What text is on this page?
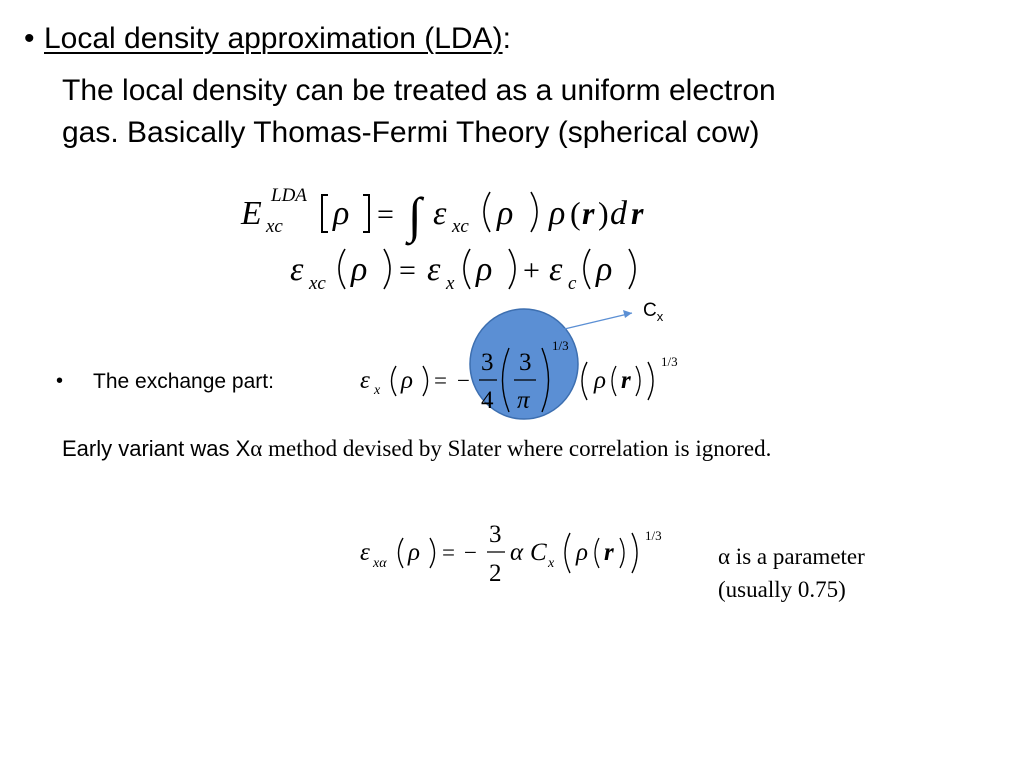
• Local density approximation (LDA):
The local density can be treated as a uniform electron
gas. Basically Thomas-Fermi Theory (spherical cow)
E LDA
xc ρ = ∫ ε xc ρ ρ ( r ) d r
ε xc ρ = ε x ρ + ε c ρ
ε x ρ = −
3
4
3
π
1/3
ρ r
1/3
ε xα ρ = −
3
2
α C x ρ r
1/3
$C_x$
• The exchange part:
Early variant was Xα method devised by Slater where correlation is ignored.
α is a parameter
(usually 0.75)
